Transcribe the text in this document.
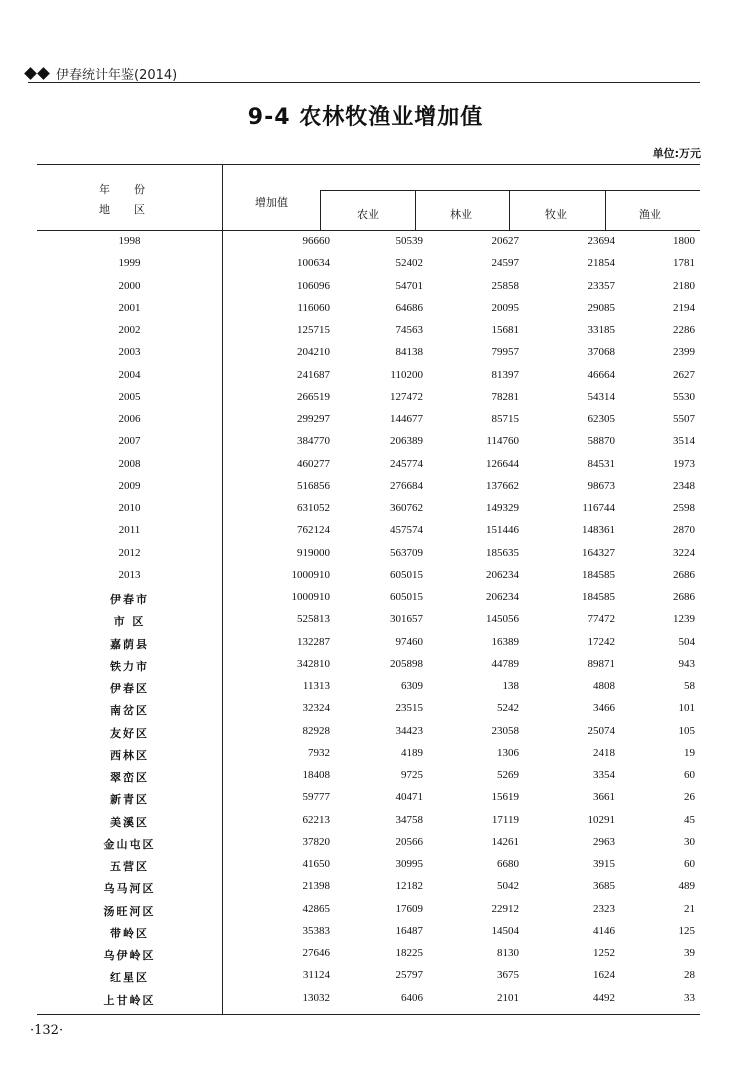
伊春统计年鉴(2014)
9-4 农林牧渔业增加值
单位:万元
年    份
地    区
增加值
农业	林业	牧业	渔业
1998	96660	50539	20627	23694	1800
1999	100634	52402	24597	21854	1781
2000	106096	54701	25858	23357	2180
2001	116060	64686	20095	29085	2194
2002	125715	74563	15681	33185	2286
2003	204210	84138	79957	37068	2399
2004	241687	110200	81397	46664	2627
2005	266519	127472	78281	54314	5530
2006	299297	144677	85715	62305	5507
2007	384770	206389	114760	58870	3514
2008	460277	245774	126644	84531	1973
2009	516856	276684	137662	98673	2348
2010	631052	360762	149329	116744	2598
2011	762124	457574	151446	148361	2870
2012	919000	563709	185635	164327	3224
2013	1000910	605015	206234	184585	2686
伊春市	1000910	605015	206234	184585	2686
市 区	525813	301657	145056	77472	1239
嘉荫县	132287	97460	16389	17242	504
铁力市	342810	205898	44789	89871	943
伊春区	11313	6309	138	4808	58
南岔区	32324	23515	5242	3466	101
友好区	82928	34423	23058	25074	105
西林区	7932	4189	1306	2418	19
翠峦区	18408	9725	5269	3354	60
新青区	59777	40471	15619	3661	26
美溪区	62213	34758	17119	10291	45
金山屯区	37820	20566	14261	2963	30
五营区	41650	30995	6680	3915	60
乌马河区	21398	12182	5042	3685	489
汤旺河区	42865	17609	22912	2323	21
带岭区	35383	16487	14504	4146	125
乌伊岭区	27646	18225	8130	1252	39
红星区	31124	25797	3675	1624	28
上甘岭区	13032	6406	2101	4492	33
·132·
